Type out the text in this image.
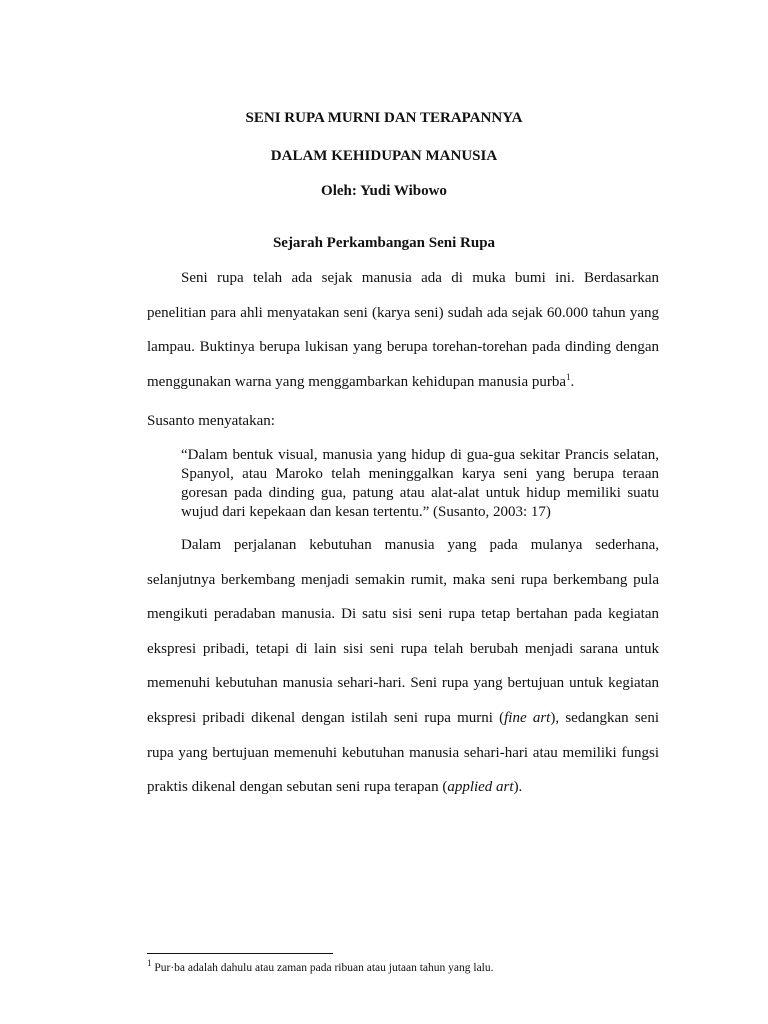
SENI RUPA MURNI DAN TERAPANNYA
DALAM KEHIDUPAN MANUSIA
Oleh: Yudi Wibowo
Sejarah Perkambangan Seni Rupa

Seni rupa telah ada sejak manusia ada di muka bumi ini. Berdasarkan penelitian para ahli menyatakan seni (karya seni) sudah ada sejak 60.000 tahun yang lampau. Buktinya berupa lukisan yang berupa torehan-torehan pada dinding dengan menggunakan warna yang menggambarkan kehidupan manusia purba$^1$.

Susanto menyatakan:

“Dalam bentuk visual, manusia yang hidup di gua-gua sekitar Prancis selatan, Spanyol, atau Maroko telah meninggalkan karya seni yang berupa teraan goresan pada dinding gua, patung atau alat-alat untuk hidup memiliki suatu wujud dari kepekaan dan kesan tertentu.” (Susanto, 2003: 17)

Dalam perjalanan kebutuhan manusia yang pada mulanya sederhana, selanjutnya berkembang menjadi semakin rumit, maka seni rupa berkembang pula mengikuti peradaban manusia. Di satu sisi seni rupa tetap bertahan pada kegiatan ekspresi pribadi, tetapi di lain sisi seni rupa telah berubah menjadi sarana untuk memenuhi kebutuhan manusia sehari-hari. Seni rupa yang bertujuan untuk kegiatan ekspresi pribadi dikenal dengan istilah seni rupa murni (fine art), sedangkan seni rupa yang bertujuan memenuhi kebutuhan manusia sehari-hari atau memiliki fungsi praktis dikenal dengan sebutan seni rupa terapan (applied art).

$^1$ Pur·ba adalah dahulu atau zaman pada ribuan atau jutaan tahun yang lalu.
